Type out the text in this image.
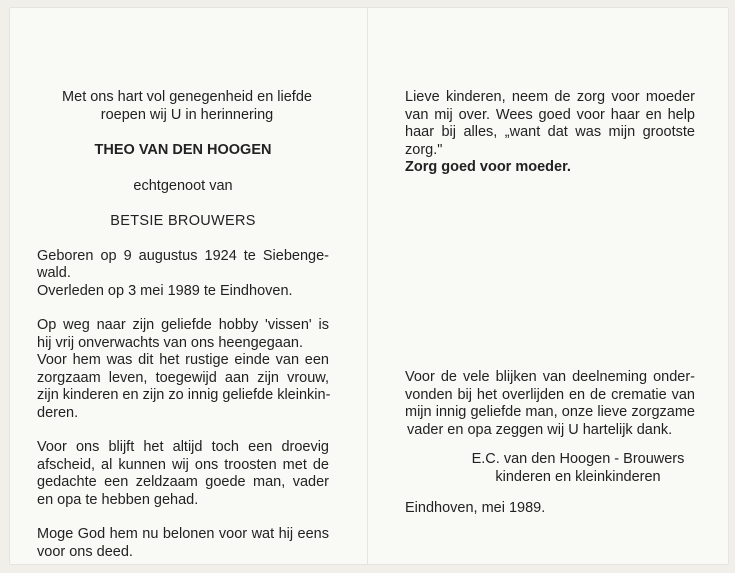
Met ons hart vol genegenheid en liefde
roepen wij U in herinnering
THEO VAN DEN HOOGEN
echtgenoot van
BETSIE BROUWERS
Geboren op 9 augustus 1924 te Siebenge-
wald.
Overleden op 3 mei 1989 te Eindhoven.
Op weg naar zijn geliefde hobby 'vissen' is
hij vrij onverwachts van ons heengegaan.
Voor hem was dit het rustige einde van een
zorgzaam leven, toegewijd aan zijn vrouw,
zijn kinderen en zijn zo innig geliefde kleinkin-
deren.
Voor ons blijft het altijd toch een droevig
afscheid, al kunnen wij ons troosten met de
gedachte een zeldzaam goede man, vader
en opa te hebben gehad.
Moge God hem nu belonen voor wat hij eens
voor ons deed.
Lieve kinderen, neem de zorg voor moeder
van mij over. Wees goed voor haar en help
haar bij alles, „want dat was mijn grootste
zorg."
Zorg goed voor moeder.
Voor de vele blijken van deelneming onder-
vonden bij het overlijden en de crematie van
mijn innig geliefde man, onze lieve zorgzame
vader en opa zeggen wij U hartelijk dank.
E.C. van den Hoogen - Brouwers
kinderen en kleinkinderen
Eindhoven, mei 1989.
